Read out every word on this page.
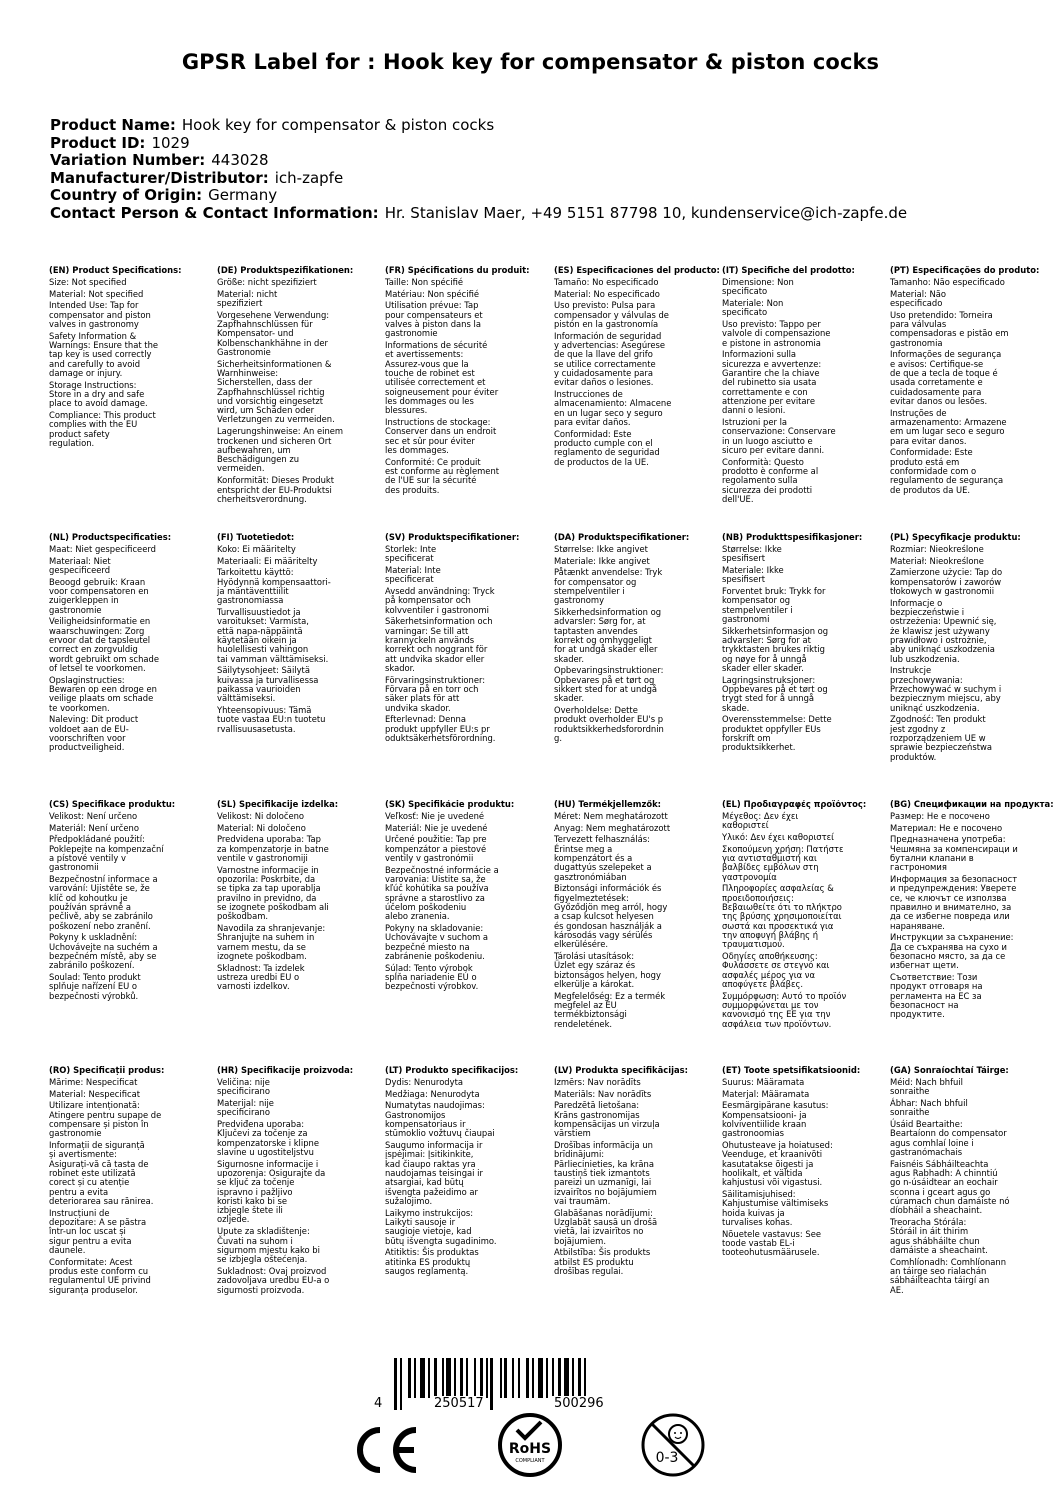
GPSR Label for : Hook key for compensator & piston cocks
Product Name: Hook key for compensator & piston cocks
Product ID: 1029
Variation Number: 443028
Manufacturer/Distributor: ich-zapfe
Country of Origin: Germany
Contact Person & Contact Information: Hr. Stanislav Maer, +49 5151 87798 10, kundenservice@ich-zapfe.de
(EN) Product Specifications:
Size: Not specified
Material: Not specified
Intended Use: Tap for
compensator and piston
valves in gastronomy
Safety Information &
Warnings: Ensure that the
tap key is used correctly
and carefully to avoid
damage or injury.
Storage Instructions:
Store in a dry and safe
place to avoid damage.
Compliance: This product
complies with the EU
product safety
regulation.
(DE) Produktspezifikationen:
Größe: nicht spezifiziert
Material: nicht
spezifiziert
Vorgesehene Verwendung:
Zapfhahnschlüssen für
Kompensator- und
Kolbenschankhähne in der
Gastronomie
Sicherheitsinformationen &
Warnhinweise:
Sicherstellen, dass der
Zapfhahnschlüssel richtig
und vorsichtig eingesetzt
wird, um Schäden oder
Verletzungen zu vermeiden.
Lagerungshinweise: An einem
trockenen und sicheren Ort
aufbewahren, um
Beschädigungen zu
vermeiden.
Konformität: Dieses Produkt
entspricht der EU-Produktsi
cherheitsverordnung.
(FR) Spécifications du produit:
Taille: Non spécifié
Matériau: Non spécifié
Utilisation prévue: Tap
pour compensateurs et
valves à piston dans la
gastronomie
Informations de sécurité
et avertissements:
Assurez-vous que la
touche de robinet est
utilisée correctement et
soigneusement pour éviter
les dommages ou les
blessures.
Instructions de stockage:
Conserver dans un endroit
sec et sûr pour éviter
les dommages.
Conformité: Ce produit
est conforme au règlement
de l'UE sur la sécurité
des produits.
(ES) Especificaciones del producto:
Tamaño: No especificado
Material: No especificado
Uso previsto: Pulsa para
compensador y válvulas de
pistón en la gastronomía
Información de seguridad
y advertencias: Asegúrese
de que la llave del grifo
se utilice correctamente
y cuidadosamente para
evitar daños o lesiones.
Instrucciones de
almacenamiento: Almacene
en un lugar seco y seguro
para evitar daños.
Conformidad: Este
producto cumple con el
reglamento de seguridad
de productos de la UE.
(IT) Specifiche del prodotto:
Dimensione: Non
specificato
Materiale: Non
specificato
Uso previsto: Tappo per
valvole di compensazione
e pistone in astronomia
Informazioni sulla
sicurezza e avvertenze:
Garantire che la chiave
del rubinetto sia usata
correttamente e con
attenzione per evitare
danni o lesioni.
Istruzioni per la
conservazione: Conservare
in un luogo asciutto e
sicuro per evitare danni.
Conformità: Questo
prodotto è conforme al
regolamento sulla
sicurezza dei prodotti
dell'UE.
(PT) Especificações do produto:
Tamanho: Não especificado
Material: Não
especificado
Uso pretendido: Torneira
para válvulas
compensadoras e pistão em
gastronomia
Informações de segurança
e avisos: Certifique-se
de que a tecla de toque é
usada corretamente e
cuidadosamente para
evitar danos ou lesões.
Instruções de
armazenamento: Armazene
em um lugar seco e seguro
para evitar danos.
Conformidade: Este
produto está em
conformidade com o
regulamento de segurança
de produtos da UE.
(NL) Productspecificaties:
Maat: Niet gespecificeerd
Materiaal: Niet
gespecificeerd
Beoogd gebruik: Kraan
voor compensatoren en
zuigerkleppen in
gastronomie
Veiligheidsinformatie en
waarschuwingen: Zorg
ervoor dat de tapsleutel
correct en zorgvuldig
wordt gebruikt om schade
of letsel te voorkomen.
Opslaginstructies:
Bewaren op een droge en
veilige plaats om schade
te voorkomen.
Naleving: Dit product
voldoet aan de EU-
voorschriften voor
productveiligheid.
(FI) Tuotetiedot:
Koko: Ei määritelty
Materiaali: Ei määritelty
Tarkoitettu käyttö:
Hyödynnä kompensaattori-
ja mäntäventtiilit
gastronomiassa
Turvallisuustiedot ja
varoitukset: Varmista,
että napa-näppäintä
käytetään oikein ja
huolellisesti vahingon
tai vamman välttämiseksi.
Säilytysohjeet: Säilytä
kuivassa ja turvallisessa
paikassa vaurioiden
välttämiseksi.
Yhteensopivuus: Tämä
tuote vastaa EU:n tuotetu
rvallisuusasetusta.
(SV) Produktspecifikationer:
Storlek: Inte
specificerat
Material: Inte
specificerat
Avsedd användning: Tryck
på kompensator och
kolvventiler i gastronomi
Säkerhetsinformation och
varningar: Se till att
krannyckeln används
korrekt och noggrant för
att undvika skador eller
skador.
Förvaringsinstruktioner:
Förvara på en torr och
säker plats för att
undvika skador.
Efterlevnad: Denna
produkt uppfyller EU:s pr
oduktsäkerhetsförordning.
(DA) Produktspecifikationer:
Størrelse: Ikke angivet
Materiale: Ikke angivet
Påtænkt anvendelse: Tryk
for compensator og
stempelventiler i
gastronomy
Sikkerhedsinformation og
advarsler: Sørg for, at
taptasten anvendes
korrekt og omhyggeligt
for at undgå skader eller
skader.
Opbevaringsinstruktioner:
Opbevares på et tørt og
sikkert sted for at undgå
skader.
Overholdelse: Dette
produkt overholder EU's p
roduktsikkerhedsforordnin
g.
(NB) Produkttspesifikasjoner:
Størrelse: Ikke
spesifisert
Materiale: Ikke
spesifisert
Forventet bruk: Trykk for
kompensator og
stempelventiler i
gastronomi
Sikkerhetsinformasjon og
advarsler: Sørg for at
trykktasten brukes riktig
og nøye for å unngå
skader eller skader.
Lagringsinstruksjoner:
Oppbevares på et tørt og
trygt sted for å unngå
skade.
Overensstemmelse: Dette
produktet oppfyller EUs
forskrift om
produktsikkerhet.
(PL) Specyfikacje produktu:
Rozmiar: Nieokreślone
Materiał: Nieokreślone
Zamierzone użycie: Tap do
kompensatorów i zaworów
tłokowych w gastronomii
Informacje o
bezpieczeństwie i
ostrzeżenia: Upewnić się,
że klawisz jest używany
prawidłowo i ostrożnie,
aby uniknąć uszkodzenia
lub uszkodzenia.
Instrukcje
przechowywania:
Przechowywać w suchym i
bezpiecznym miejscu, aby
uniknąć uszkodzenia.
Zgodność: Ten produkt
jest zgodny z
rozporządzeniem UE w
sprawie bezpieczeństwa
produktów.
(CS) Specifikace produktu:
Velikost: Není určeno
Materiál: Není určeno
Předpokládané použití:
Poklepejte na kompenzační
a pístové ventily v
gastronomii
Bezpečnostní informace a
varování: Ujistěte se, že
klíč od kohoutku je
používán správně a
pečlivě, aby se zabránilo
poškození nebo zranění.
Pokyny k uskladnění:
Uchovávejte na suchém a
bezpečném místě, aby se
zabránilo poškození.
Soulad: Tento produkt
splňuje nařízení EU o
bezpečnosti výrobků.
(SL) Specifikacije izdelka:
Velikost: Ni določeno
Material: Ni določeno
Predvidena uporaba: Tap
za kompenzatorje in batne
ventile v gastronomiji
Varnostne informacije in
opozorila: Poskrbite, da
se tipka za tap uporablja
pravilno in previdno, da
se izognete poškodbam ali
poškodbam.
Navodila za shranjevanje:
Shranjujte na suhem in
varnem mestu, da se
izognete poškodbam.
Skladnost: Ta izdelek
ustreza uredbi EU o
varnosti izdelkov.
(SK) Špecifikácie produktu:
Veľkosť: Nie je uvedené
Materiál: Nie je uvedené
Určené použitie: Tap pre
kompenzátor a piestové
ventily v gastronómii
Bezpečnostné informácie a
varovania: Uistite sa, že
kľúč kohútika sa používa
správne a starostlivo za
účelom poškodeniu
alebo zranenia.
Pokyny na skladovanie:
Uchovávajte v suchom a
bezpečné miesto na
zabránenie poškodeniu.
Súlad: Tento výrobok
spĺňa nariadenie EÚ o
bezpečnosti výrobkov.
(HU) Termékjellemzők:
Méret: Nem meghatározott
Anyag: Nem meghatározott
Tervezett felhasználás:
Érintse meg a
kompenzátort és a
dugattyús szelepeket a
gasztronómiában
Biztonsági információk és
figyelmeztetések:
Győződjön meg arról, hogy
a csap kulcsot helyesen
és gondosan használják a
károsodás vagy sérülés
elkerülésére.
Tárolási utasítások:
Üzlet egy száraz és
biztonságos helyen, hogy
elkerülje a károkat.
Megfelelőség: Ez a termék
megfelel az EU
termékbiztonsági
rendeletének.
(EL) Προδιαγραφές προϊόντος:
Μέγεθος: Δεν έχει
καθοριστεί
Υλικό: Δεν έχει καθοριστεί
Σκοπούμενη χρήση: Πατήστε
για αντισταθμιστή και
βαλβίδες εμβόλων στη
γαστρονομία
Πληροφορίες ασφαλείας &
προειδοποιήσεις:
Βεβαιωθείτε ότι το πλήκτρο
της βρύσης χρησιμοποιείται
σωστά και προσεκτικά για
την αποφυγή βλάβης ή
τραυματισμού.
Οδηγίες αποθήκευσης:
Φυλάσσετε σε στεγνό και
ασφαλές μέρος για να
αποφύγετε βλάβες.
Συμμόρφωση: Αυτό το προϊόν
συμμορφώνεται με τον
κανονισμό της ΕΕ για την
ασφάλεια των προϊόντων.
(BG) Спецификации на продукта:
Размер: Не е посочено
Материал: Не е посочено
Предназначена употреба:
Чешмяна за компенсираци и
бутални клапани в
гастрономия
Информация за безопасност
и предупреждения: Уверете
се, че ключът се използва
правилно и внимателно, за
да се избегне повреда или
нараняване.
Инструкции за съхранение:
Да се съхранява на сухо и
безопасно място, за да се
избегнат щети.
Съответствие: Този
продукт отговаря на
регламента на ЕС за
безопасност на
продуктите.
(RO) Specificații produs:
Mărime: Nespecificat
Material: Nespecificat
Utilizare intenționată:
Atingere pentru supape de
compensare și piston în
gastronomie
Informații de siguranță
și avertismente:
Asigurați-vă că tasta de
robinet este utilizată
corect și cu atenție
pentru a evita
deteriorarea sau rănirea.
Instrucțiuni de
depozitare: A se păstra
într-un loc uscat și
sigur pentru a evita
daunele.
Conformitate: Acest
produs este conform cu
regulamentul UE privind
siguranța produselor.
(HR) Specifikacije proizvoda:
Veličina: nije
specificirano
Materijal: nije
specificirano
Predviđena uporaba:
Ključevi za točenje za
kompenzatorske i klipne
slavine u ugostiteljstvu
Sigurnosne informacije i
upozorenja: Osigurajte da
se ključ za točenje
ispravno i pažljivo
koristi kako bi se
izbjegle štete ili
ozljede.
Upute za skladištenje:
Čuvati na suhom i
sigurnom mjestu kako bi
se izbjegla oštećenja.
Sukladnost: Ovaj proizvod
zadovoljava uredbu EU-a o
sigurnosti proizvoda.
(LT) Produkto specifikacijos:
Dydis: Nenurodyta
Medžiaga: Nenurodyta
Numatytas naudojimas:
Gastronomijos
kompensatoriaus ir
stūmoklio vožtuvų čiaupai
Saugumo informacija ir
įspėjimai: Įsitikinkite,
kad čiaupo raktas yra
naudojamas teisingai ir
atsargiai, kad būtų
išvengta pažeidimo ar
sužalojimo.
Laikymo instrukcijos:
Laikyti sausoje ir
saugioje vietoje, kad
būtų išvengta sugadinimo.
Atitiktis: Šis produktas
atitinka ES produktų
saugos reglamentą.
(LV) Produkta specifikācijas:
Izmērs: Nav norādīts
Materiāls: Nav norādīts
Paredzētā lietošana:
Krāns gastronomijas
kompensācijas un virzuļa
vārstiem
Drošības informācija un
brīdinājumi:
Pārliecinieties, ka krāna
taustiņš tiek izmantots
pareizi un uzmanīgi, lai
izvairītos no bojājumiem
vai traumām.
Glabāšanas norādījumi:
Uzglabāt sausā un drošā
vietā, lai izvairītos no
bojājumiem.
Atbilstība: Šis produkts
atbilst ES produktu
drošības regulai.
(ET) Toote spetsifikatsioonid:
Suurus: Määramata
Materjal: Määramata
Eesmärgipärane kasutus:
Kompensatsiooni- ja
kolviventiilide kraan
gastronoomias
Ohutusteave ja hoiatused:
Veenduge, et kraanivõti
kasutatakse õigesti ja
hoolikalt, et vältida
kahjustusi või vigastusi.
Säilitamisjuhised:
Kahjustumise vältimiseks
hoida kuivas ja
turvalises kohas.
Nõuetele vastavus: See
toode vastab EL-i
tooteohutusmäärusele.
(GA) Sonraíochtaí Táirge:
Méid: Nach bhfuil
sonraithe
Ábhar: Nach bhfuil
sonraithe
Úsáid Beartaithe:
Beartaíonn do compensator
agus comhlaí loine i
gastranómachais
Faisnéis Sábháilteachta
agus Rabhadh: A chinntiú
go n-úsáidtear an eochair
sconna i gceart agus go
cúramach chun damáiste nó
díobháil a sheachaint.
Treoracha Stórála:
Stóráil in áit thirim
agus shábháilte chun
damáiste a sheachaint.
Comhlíonadh: Comhlíonann
an táirge seo rialachán
sábháilteachta táirgí an
AE.
4	250517	500296
RoHS
COMPLIANT	0-3
